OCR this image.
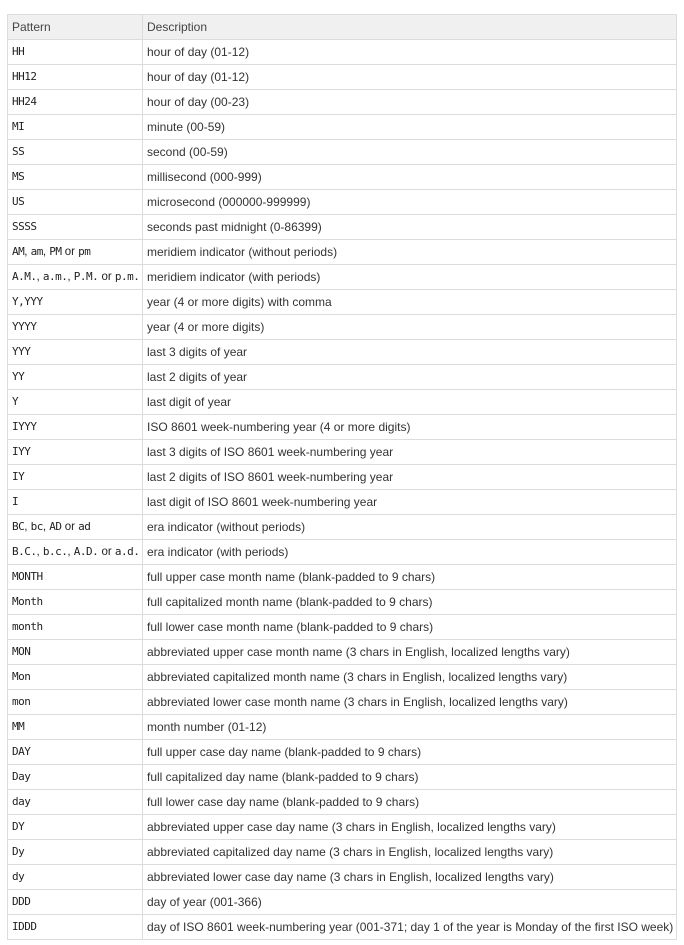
Pattern	Description
HH	hour of day (01-12)
HH12	hour of day (01-12)
HH24	hour of day (00-23)
MI	minute (00-59)
SS	second (00-59)
MS	millisecond (000-999)
US	microsecond (000000-999999)
SSSS	seconds past midnight (0-86399)
AM, am, PM or pm	meridiem indicator (without periods)
A.M., a.m., P.M. or p.m.	meridiem indicator (with periods)
Y,YYY	year (4 or more digits) with comma
YYYY	year (4 or more digits)
YYY	last 3 digits of year
YY	last 2 digits of year
Y	last digit of year
IYYY	ISO 8601 week-numbering year (4 or more digits)
IYY	last 3 digits of ISO 8601 week-numbering year
IY	last 2 digits of ISO 8601 week-numbering year
I	last digit of ISO 8601 week-numbering year
BC, bc, AD or ad	era indicator (without periods)
B.C., b.c., A.D. or a.d.	era indicator (with periods)
MONTH	full upper case month name (blank-padded to 9 chars)
Month	full capitalized month name (blank-padded to 9 chars)
month	full lower case month name (blank-padded to 9 chars)
MON	abbreviated upper case month name (3 chars in English, localized lengths vary)
Mon	abbreviated capitalized month name (3 chars in English, localized lengths vary)
mon	abbreviated lower case month name (3 chars in English, localized lengths vary)
MM	month number (01-12)
DAY	full upper case day name (blank-padded to 9 chars)
Day	full capitalized day name (blank-padded to 9 chars)
day	full lower case day name (blank-padded to 9 chars)
DY	abbreviated upper case day name (3 chars in English, localized lengths vary)
Dy	abbreviated capitalized day name (3 chars in English, localized lengths vary)
dy	abbreviated lower case day name (3 chars in English, localized lengths vary)
DDD	day of year (001-366)
IDDD	day of ISO 8601 week-numbering year (001-371; day 1 of the year is Monday of the first ISO week)
